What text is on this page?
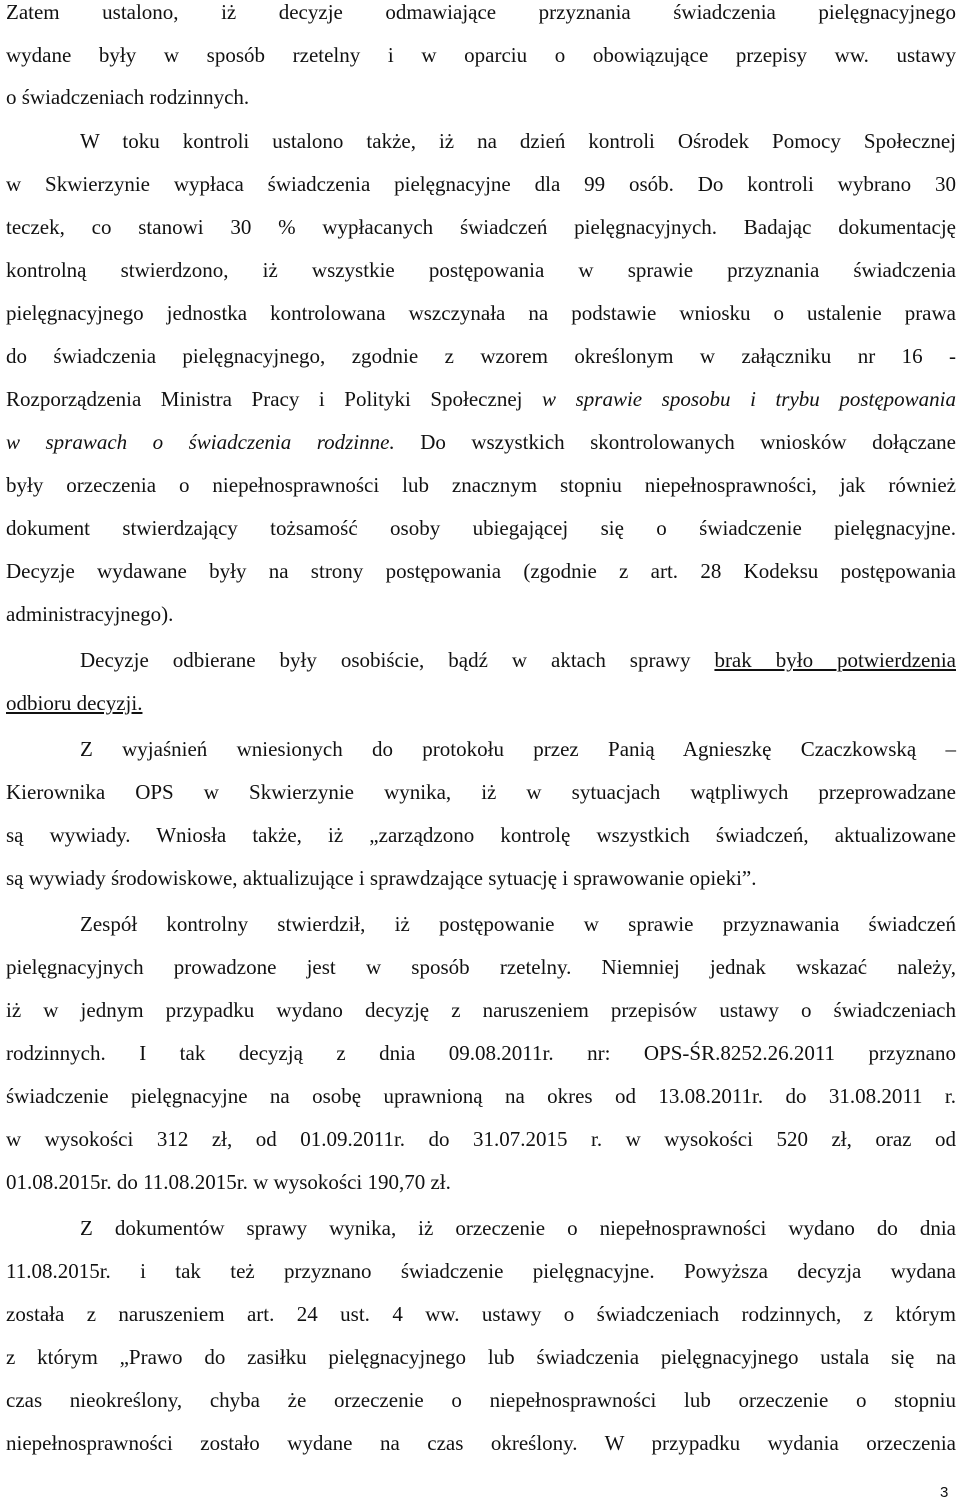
Zatem ustalono, iż decyzje odmawiające przyznania świadczenia pielęgnacyjnego
wydane były w sposób rzetelny i w oparciu o obowiązujące przepisy ww. ustawy
o świadczeniach rodzinnych.
W toku kontroli ustalono także, iż na dzień kontroli Ośrodek Pomocy Społecznej
w Skwierzynie wypłaca świadczenia pielęgnacyjne dla 99 osób. Do kontroli wybrano 30
teczek, co stanowi 30 % wypłacanych świadczeń pielęgnacyjnych. Badając dokumentację
kontrolną stwierdzono, iż wszystkie postępowania w sprawie przyznania świadczenia
pielęgnacyjnego jednostka kontrolowana wszczynała na podstawie wniosku o ustalenie prawa
do świadczenia pielęgnacyjnego, zgodnie z wzorem określonym w załączniku nr 16 -
Rozporządzenia Ministra Pracy i Polityki Społecznej w sprawie sposobu i trybu postępowania
w sprawach o świadczenia rodzinne. Do wszystkich skontrolowanych wniosków dołączane
były orzeczenia o niepełnosprawności lub znacznym stopniu niepełnosprawności, jak również
dokument stwierdzający tożsamość osoby ubiegającej się o świadczenie pielęgnacyjne.
Decyzje wydawane były na strony postępowania (zgodnie z art. 28 Kodeksu postępowania
administracyjnego).
Decyzje odbierane były osobiście, bądź w aktach sprawy brak było potwierdzenia
odbioru decyzji.
Z wyjaśnień wniesionych do protokołu przez Panią Agnieszkę Czaczkowską –
Kierownika OPS w Skwierzynie wynika, iż w sytuacjach wątpliwych przeprowadzane
są wywiady. Wniosła także, iż „zarządzono kontrolę wszystkich świadczeń, aktualizowane
są wywiady środowiskowe, aktualizujące i sprawdzające sytuację i sprawowanie opieki”.
Zespół kontrolny stwierdził, iż postępowanie w sprawie przyznawania świadczeń
pielęgnacyjnych prowadzone jest w sposób rzetelny. Niemniej jednak wskazać należy,
iż w jednym przypadku wydano decyzję z naruszeniem przepisów ustawy o świadczeniach
rodzinnych. I tak decyzją z dnia 09.08.2011r. nr: OPS-ŚR.8252.26.2011 przyznano
świadczenie pielęgnacyjne na osobę uprawnioną na okres od 13.08.2011r. do 31.08.2011 r.
w wysokości 312 zł, od 01.09.2011r. do 31.07.2015 r. w wysokości 520 zł, oraz od
01.08.2015r. do 11.08.2015r. w wysokości 190,70 zł.
Z dokumentów sprawy wynika, iż orzeczenie o niepełnosprawności wydano do dnia
11.08.2015r. i tak też przyznano świadczenie pielęgnacyjne. Powyższa decyzja wydana
została z naruszeniem art. 24 ust. 4 ww. ustawy o świadczeniach rodzinnych, z którym
z którym „Prawo do zasiłku pielęgnacyjnego lub świadczenia pielęgnacyjnego ustala się na
czas nieokreślony, chyba że orzeczenie o niepełnosprawności lub orzeczenie o stopniu
niepełnosprawności zostało wydane na czas określony. W przypadku wydania orzeczenia
3
